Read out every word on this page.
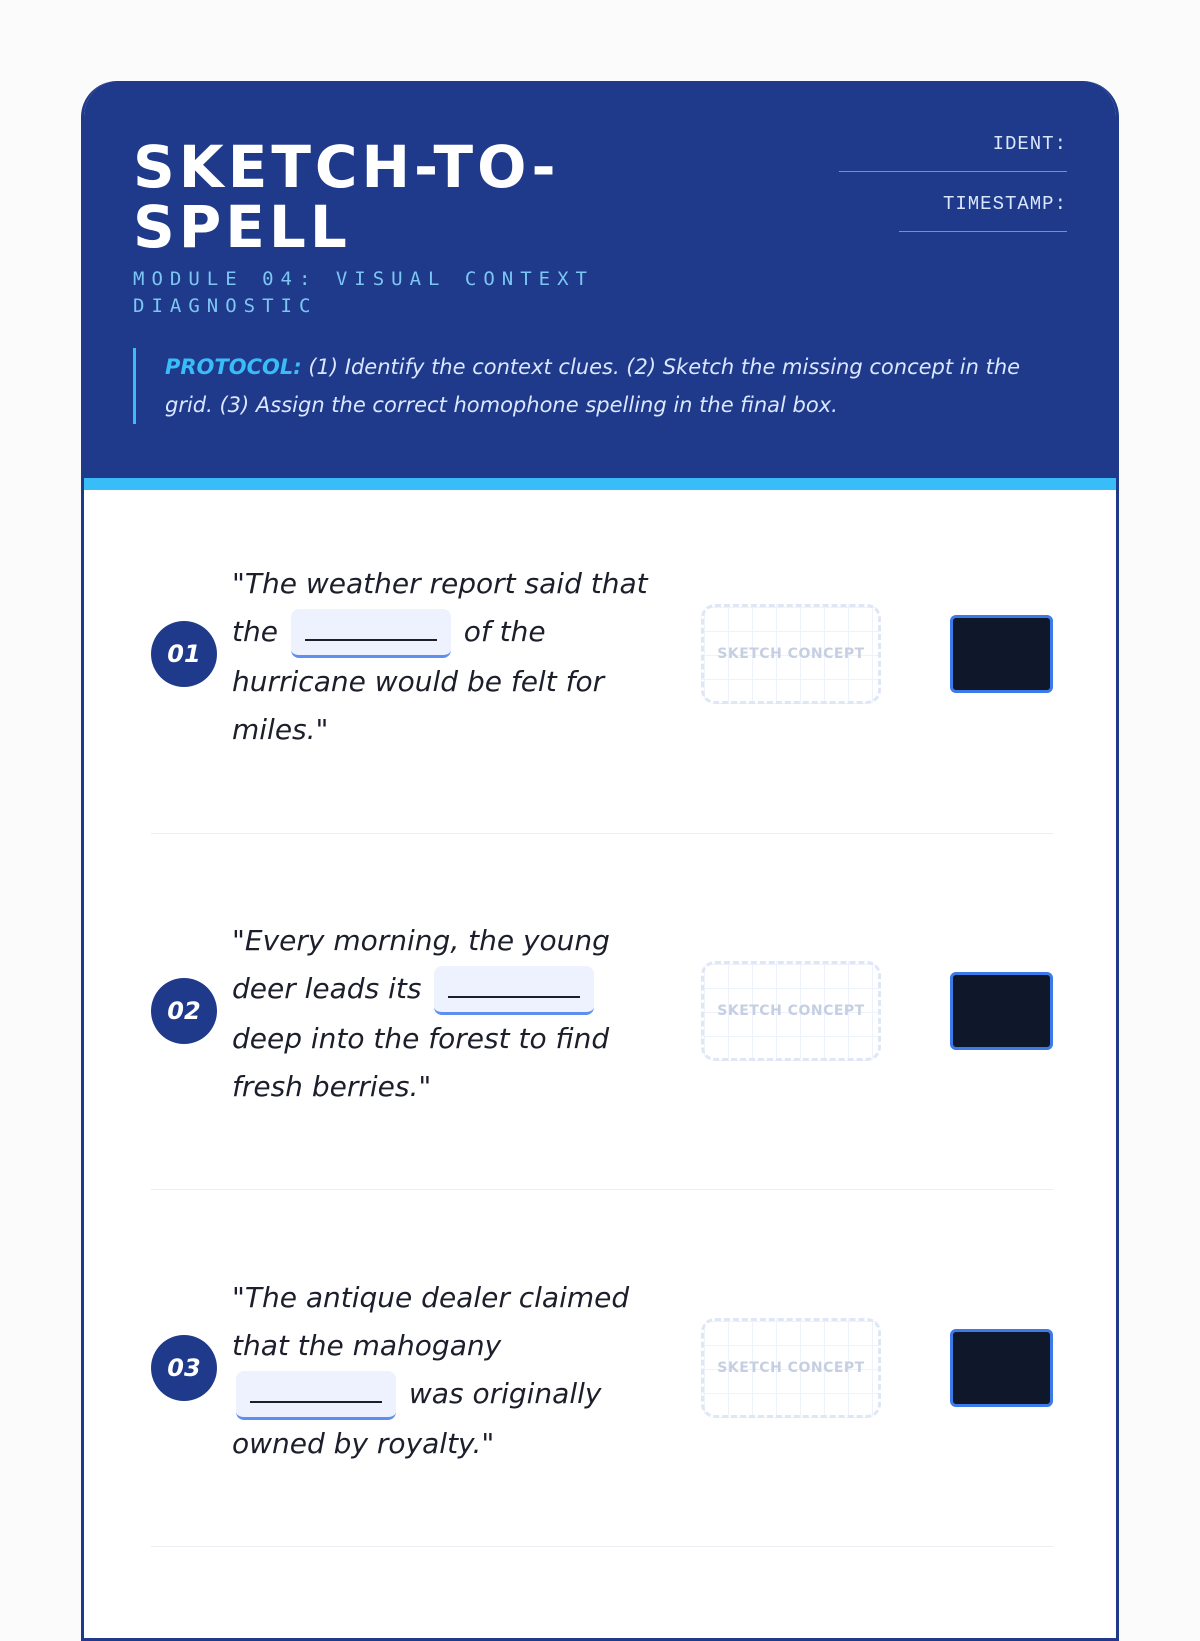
SKETCH-TO-SPELL
MODULE 04: VISUAL CONTEXT DIAGNOSTIC
IDENT:
TIMESTAMP:
PROTOCOL: (1) Identify the context clues. (2) Sketch the missing concept in the grid. (3) Assign the correct homophone spelling in the final box.
01
"The weather report said that the	of the hurricane would be felt for miles."
SKETCH CONCEPT
02
"Every morning, the young deer leads its
deep into the forest to find fresh berries."
SKETCH CONCEPT
03
"The antique dealer claimed that the mahogany
was originally owned by royalty."
SKETCH CONCEPT
